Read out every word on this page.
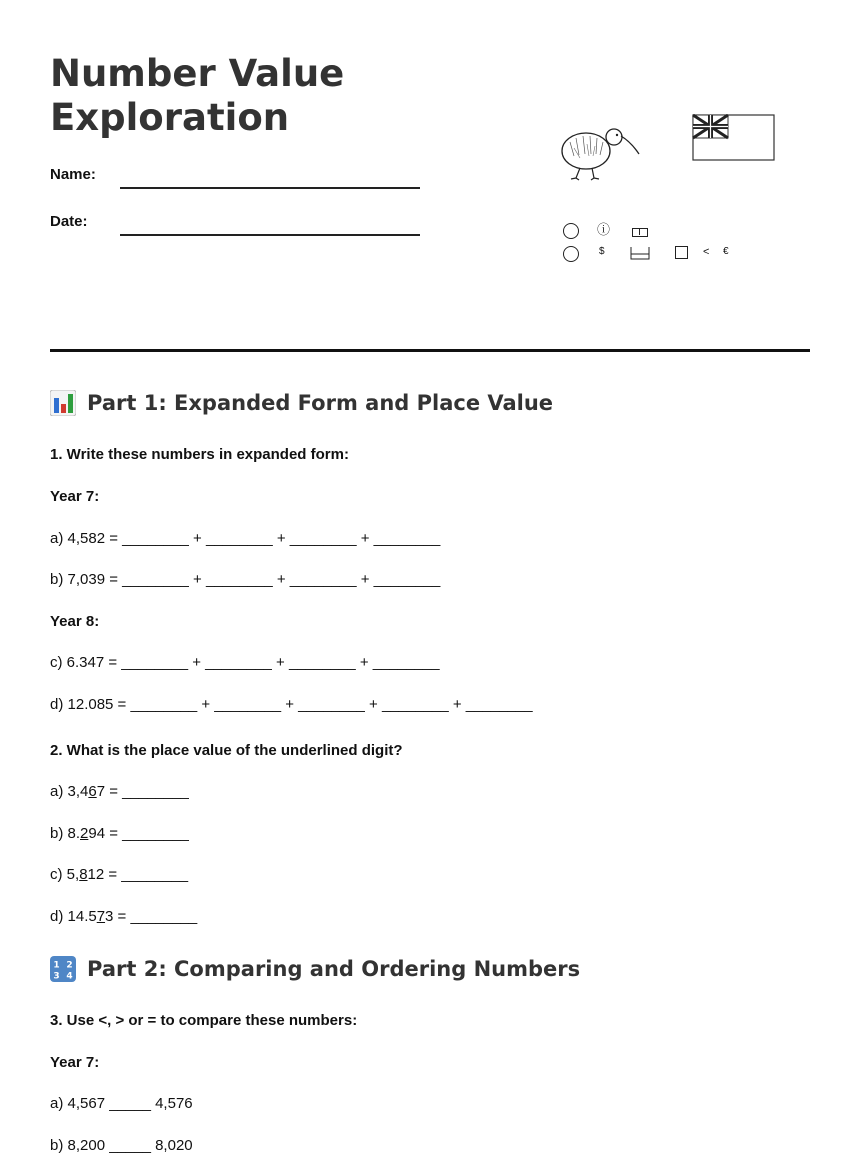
Number Value
Exploration
Name:
Date:	ⓘ
$	< €
Part 1: Expanded Form and Place Value
1. Write these numbers in expanded form:
Year 7:
a) 4,582 = ________ + ________ + ________ + ________
b) 7,039 = ________ + ________ + ________ + ________
Year 8:
c) 6.347 = ________ + ________ + ________ + ________
d) 12.085 = ________ + ________ + ________ + ________ + ________
2. What is the place value of the underlined digit?
a) 3,467 = ________
b) 8.294 = ________
c) 5,812 = ________
d) 14.573 = ________
1 2
3 4 Part 2: Comparing and Ordering Numbers
3. Use <, > or = to compare these numbers:
Year 7:
a) 4,567 _____ 4,576
b) 8,200 _____ 8,020
